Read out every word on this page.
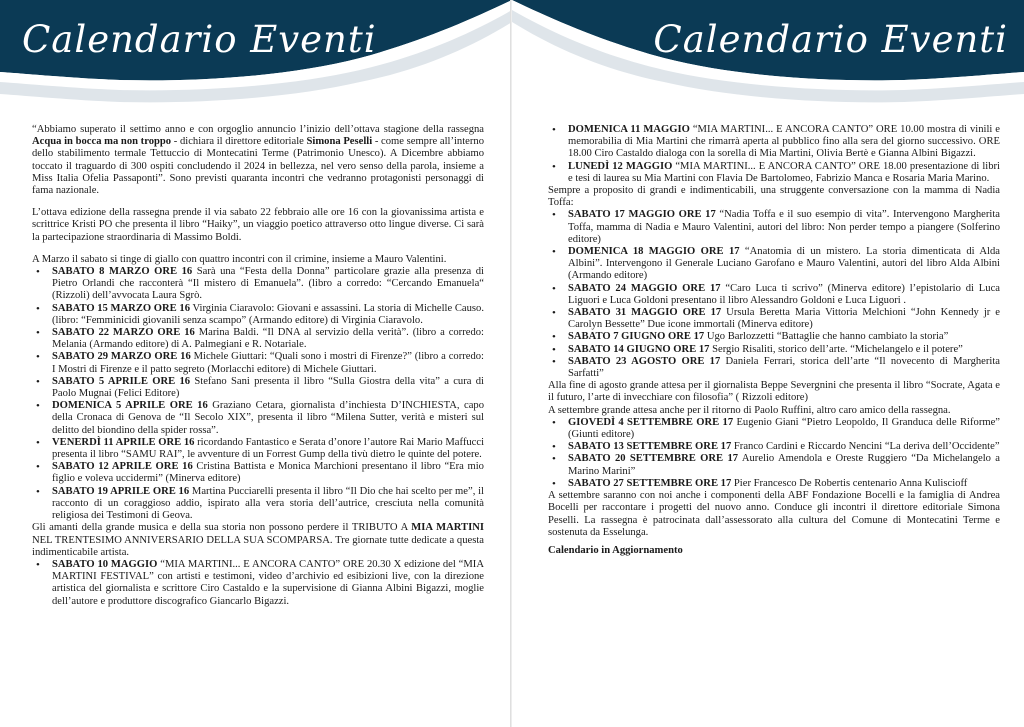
Calendario Eventi

“Abbiamo superato il settimo anno e con orgoglio annuncio l’inizio dell’ottava stagione della rassegna Acqua in bocca ma non troppo - dichiara il direttore editoriale Simona Peselli - come sempre all’interno dello stabilimento termale Tettuccio di Montecatini Terme (Patrimonio Unesco). A Dicembre abbiamo toccato il traguardo di 300 ospiti concludendo il 2024 in bellezza, nel vero senso della parola, insieme a Miss Italia Ofelia Passaponti”. Sono previsti quaranta incontri che vedranno protagonisti personaggi di fama nazionale.

L’ottava edizione della rassegna prende il via sabato 22 febbraio alle ore 16 con la giovanissima artista e scrittrice Kristi PO che presenta il libro “Haiky”, un viaggio poetico attraverso otto lingue diverse. Ci sarà la partecipazione straordinaria di Massimo Boldi.

A Marzo il sabato si tinge di giallo con quattro incontri con il crimine, insieme a Mauro Valentini.

• SABATO 8 MARZO ORE 16 Sarà una “Festa della Donna” particolare grazie alla presenza di Pietro Orlandi che racconterà “Il mistero di Emanuela”. (libro a corredo: “Cercando Emanuela“ (Rizzoli) dell’avvocata Laura Sgrò.
• SABATO 15 MARZO ORE 16 Virginia Ciaravolo: Giovani e assassini. La storia di Michelle Causo. (libro: “Femminicidi giovanili senza scampo” (Armando editore) di Virginia Ciaravolo.
• SABATO 22 MARZO ORE 16 Marina Baldi. “Il DNA al servizio della verità”. (libro a corredo: Melania (Armando editore) di A. Palmegiani e R. Notariale.
• SABATO 29 MARZO ORE 16 Michele Giuttari: “Quali sono i mostri di Firenze?” (libro a corredo: I Mostri di Firenze e il patto segreto (Morlacchi editore) di Michele Giuttari.
• SABATO 5 APRILE ORE 16 Stefano Sani presenta il libro “Sulla Giostra della vita” a cura di Paolo Mugnai (Felici Editore)
• DOMENICA 5 APRILE ORE 16 Graziano Cetara, giornalista d’inchiesta D’INCHIESTA, capo della Cronaca di Genova de “Il Secolo XIX”, presenta il libro “Milena Sutter, verità e misteri sul delitto del biondino della spider rossa”.
• VENERDÌ 11 APRILE ORE 16 ricordando Fantastico e Serata d’onore l’autore Rai Mario Maffucci presenta il libro “SAMU RAI”, le avventure di un Forrest Gump della tivù dietro le quinte del potere.
• SABATO 12 APRILE ORE 16 Cristina Battista e Monica Marchioni presentano il libro “Era mio figlio e voleva uccidermi” (Minerva editore)
• SABATO 19 APRILE ORE 16 Martina Pucciarelli presenta il libro “Il Dio che hai scelto per me”, il racconto di un coraggioso addio, ispirato alla vera storia dell’autrice, cresciuta nella comunità religiosa dei Testimoni di Geova.

Gli amanti della grande musica e della sua storia non possono perdere il TRIBUTO A MIA MARTINI NEL TRENTESIMO ANNIVERSARIO DELLA SUA SCOMPARSA. Tre giornate tutte dedicate a questa indimenticabile artista.

• SABATO 10 MAGGIO “MIA MARTINI... E ANCORA CANTO” ORE 20.30 X edizione del “MIA MARTINI FESTIVAL” con artisti e testimoni, video d’archivio ed esibizioni live, con la direzione artistica del giornalista e scrittore Ciro Castaldo e la supervisione di Gianna Albini Bigazzi, moglie dell’autore e produttore discografico Giancarlo Bigazzi.
Calendario Eventi
• DOMENICA 11 MAGGIO “MIA MARTINI... E ANCORA CANTO” ORE 10.00 mostra di vinili e memorabilia di Mia Martini che rimarrà aperta al pubblico fino alla sera del giorno successivo. ORE 18.00 Ciro Castaldo dialoga con la sorella di Mia Martini, Olivia Bertè e Gianna Albini Bigazzi.
• LUNEDÌ 12 MAGGIO “MIA MARTINI... E ANCORA CANTO” ORE 18.00 presentazione di libri e tesi di laurea su Mia Martini con Flavia De Bartolomeo, Fabrizio Manca e Rosaria Maria Marino.

Sempre a proposito di grandi e indimenticabili, una struggente conversazione con la mamma di Nadia Toffa:

• SABATO 17 MAGGIO ORE 17 “Nadia Toffa e il suo esempio di vita”. Intervengono Margherita Toffa, mamma di Nadia e Mauro Valentini, autori del libro: Non perder tempo a piangere (Solferino editore)
• DOMENICA 18 MAGGIO ORE 17 “Anatomia di un mistero. La storia dimenticata di Alda Albini”. Intervengono il Generale Luciano Garofano e Mauro Valentini, autori del libro Alda Albini (Armando editore)
• SABATO 24 MAGGIO ORE 17 “Caro Luca ti scrivo” (Minerva editore) l’epistolario di Luca Liguori e Luca Goldoni presentano il libro Alessandro Goldoni e Luca Liguori .
• SABATO 31 MAGGIO ORE 17 Ursula Beretta Maria Vittoria Melchioni “John Kennedy jr e Carolyn Bessette” Due icone immortali (Minerva editore)
• SABATO 7 GIUGNO ORE 17 Ugo Barlozzetti “Battaglie che hanno cambiato la storia”
• SABATO 14 GIUGNO ORE 17 Sergio Risaliti, storico dell’arte. “Michelangelo e il potere”
• SABATO 23 AGOSTO ORE 17 Daniela Ferrari, storica dell’arte “Il novecento di Margherita Sarfatti”

Alla fine di agosto grande attesa per il giornalista Beppe Severgnini che presenta il libro “Socrate, Agata e il futuro, l’arte di invecchiare con filosofia” ( Rizzoli editore)

A settembre grande attesa anche per il ritorno di Paolo Ruffini, altro caro amico della rassegna.

• GIOVEDÌ 4 SETTEMBRE ORE 17 Eugenio Giani “Pietro Leopoldo, Il Granduca delle Riforme” (Giunti editore)
• SABATO 13 SETTEMBRE ORE 17 Franco Cardini e Riccardo Nencini “La deriva dell’Occidente”
• SABATO 20 SETTEMBRE ORE 17 Aurelio Amendola e Oreste Ruggiero “Da Michelangelo a Marino Marini”
• SABATO 27 SETTEMBRE ORE 17 Pier Francesco De Robertis centenario Anna Kuliscioff

A settembre saranno con noi anche i componenti della ABF Fondazione Bocelli e la famiglia di Andrea Bocelli per raccontare i progetti del nuovo anno. Conduce gli incontri il direttore editoriale Simona Peselli. La rassegna è patrocinata dall’assessorato alla cultura del Comune di Montecatini Terme e sostenuta da Esselunga.

Calendario in Aggiornamento
